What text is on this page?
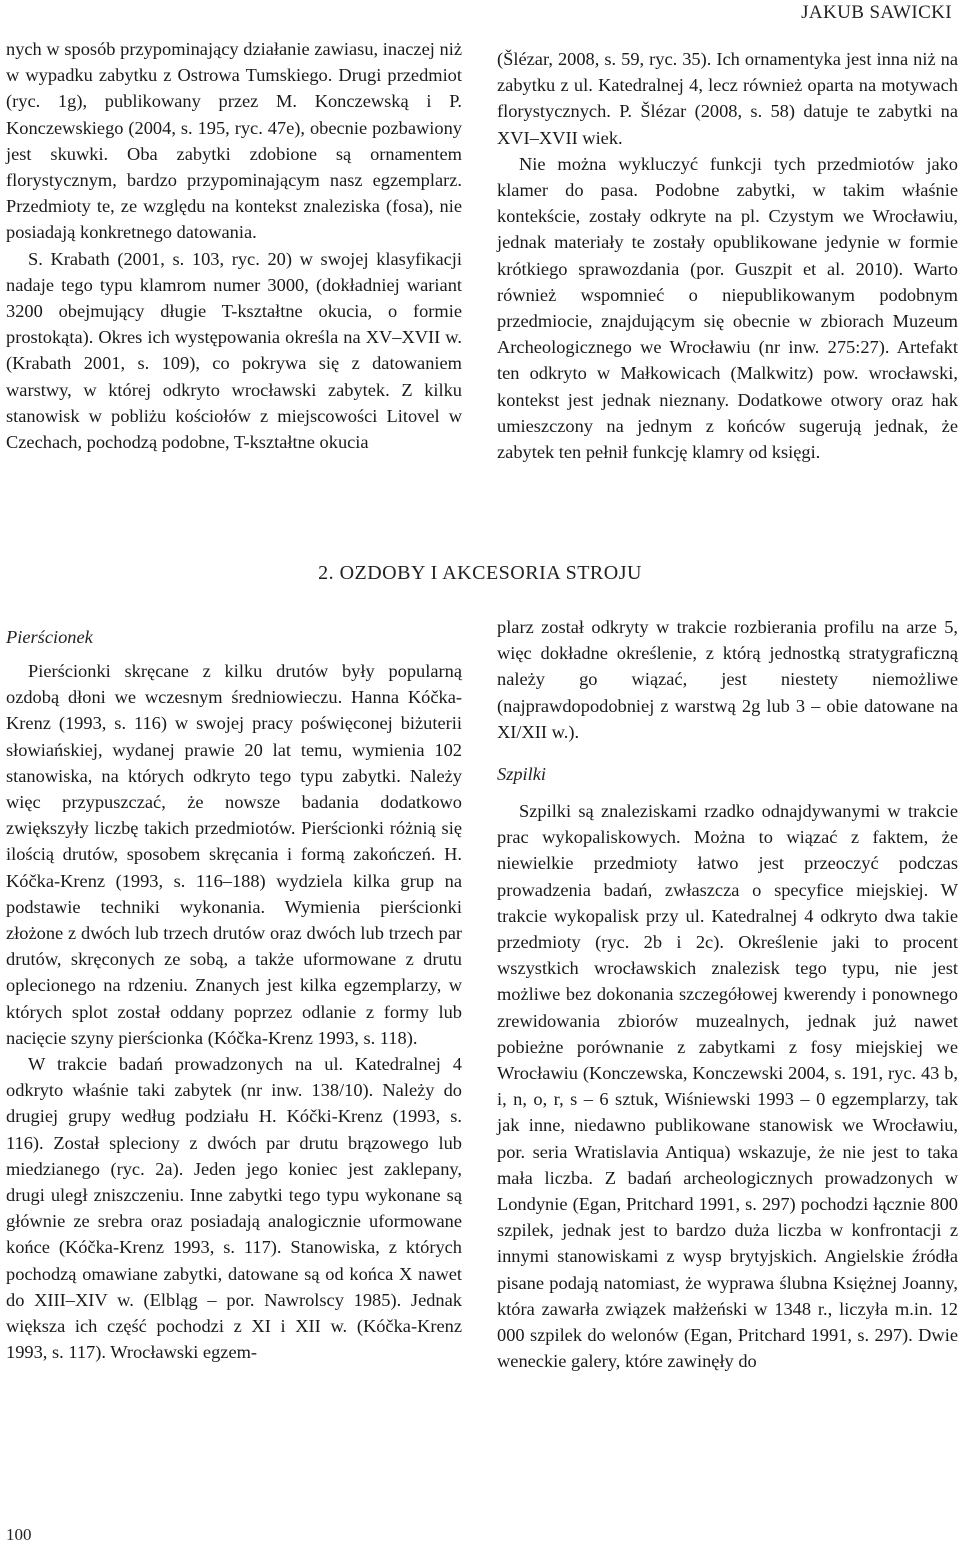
JAKUB SAWICKI

nych w sposób przypominający działanie zawiasu, inaczej niż w wypadku zabytku z Ostrowa Tumskiego. Drugi przedmiot (ryc. 1g), publikowany przez M. Konczewską i P. Konczewskiego (2004, s. 195, ryc. 47e), obecnie pozbawiony jest skuwki. Oba zabytki zdobione są ornamentem florystycznym, bardzo przypominającym nasz egzemplarz. Przedmioty te, ze względu na kontekst znaleziska (fosa), nie posiadają konkretnego datowania.

S. Krabath (2001, s. 103, ryc. 20) w swojej klasyfikacji nadaje tego typu klamrom numer 3000, (dokładniej wariant 3200 obejmujący długie T-kształtne okucia, o formie prostokąta). Okres ich występowania określa na XV–XVII w. (Krabath 2001, s. 109), co pokrywa się z datowaniem warstwy, w której odkryto wrocławski zabytek. Z kilku stanowisk w pobliżu kościołów z miejscowości Litovel w Czechach, pochodzą podobne, T-kształtne okucia

(Šlézar, 2008, s. 59, ryc. 35). Ich ornamentyka jest inna niż na zabytku z ul. Katedralnej 4, lecz również oparta na motywach florystycznych. P. Šlézar (2008, s. 58) datuje te zabytki na XVI–XVII wiek.

Nie można wykluczyć funkcji tych przedmiotów jako klamer do pasa. Podobne zabytki, w takim właśnie kontekście, zostały odkryte na pl. Czystym we Wrocławiu, jednak materiały te zostały opublikowane jedynie w formie krótkiego sprawozdania (por. Guszpit et al. 2010). Warto również wspomnieć o niepublikowanym podobnym przedmiocie, znajdującym się obecnie w zbiorach Muzeum Archeologicznego we Wrocławiu (nr inw. 275:27). Artefakt ten odkryto w Małkowicach (Malkwitz) pow. wrocławski, kontekst jest jednak nieznany. Dodatkowe otwory oraz hak umieszczony na jednym z końców sugerują jednak, że zabytek ten pełnił funkcję klamry od księgi.

2. OZDOBY I AKCESORIA STROJU
Pierścionek

Pierścionki skręcane z kilku drutów były popularną ozdobą dłoni we wczesnym średniowieczu. Hanna Kóčka-Krenz (1993, s. 116) w swojej pracy poświęconej biżuterii słowiańskiej, wydanej prawie 20 lat temu, wymienia 102 stanowiska, na których odkryto tego typu zabytki. Należy więc przypuszczać, że nowsze badania dodatkowo zwiększyły liczbę takich przedmiotów. Pierścionki różnią się ilością drutów, sposobem skręcania i formą zakończeń. H. Kóčka-Krenz (1993, s. 116–188) wydziela kilka grup na podstawie techniki wykonania. Wymienia pierścionki złożone z dwóch lub trzech drutów oraz dwóch lub trzech par drutów, skręconych ze sobą, a także uformowane z drutu oplecionego na rdzeniu. Znanych jest kilka egzemplarzy, w których splot został oddany poprzez odlanie z formy lub nacięcie szyny pierścionka (Kóčka-Krenz 1993, s. 118).

W trakcie badań prowadzonych na ul. Katedralnej 4 odkryto właśnie taki zabytek (nr inw. 138/10). Należy do drugiej grupy według podziału H. Kóčki-Krenz (1993, s. 116). Został spleciony z dwóch par drutu brązowego lub miedzianego (ryc. 2a). Jeden jego koniec jest zaklepany, drugi uległ zniszczeniu. Inne zabytki tego typu wykonane są głównie ze srebra oraz posiadają analogicznie uformowane końce (Kóčka-Krenz 1993, s. 117). Stanowiska, z których pochodzą omawiane zabytki, datowane są od końca X nawet do XIII–XIV w. (Elbląg – por. Nawrolscy 1985). Jednak większa ich część pochodzi z XI i XII w. (Kóčka-Krenz 1993, s. 117). Wrocławski egzem-

plarz został odkryty w trakcie rozbierania profilu na arze 5, więc dokładne określenie, z którą jednostką stratygraficzną należy go wiązać, jest niestety niemożliwe (najprawdopodobniej z warstwą 2g lub 3 – obie datowane na XI/XII w.).

Szpilki

Szpilki są znaleziskami rzadko odnajdywanymi w trakcie prac wykopaliskowych. Można to wiązać z faktem, że niewielkie przedmioty łatwo jest przeoczyć podczas prowadzenia badań, zwłaszcza o specyfice miejskiej. W trakcie wykopalisk przy ul. Katedralnej 4 odkryto dwa takie przedmioty (ryc. 2b i 2c). Określenie jaki to procent wszystkich wrocławskich znalezisk tego typu, nie jest możliwe bez dokonania szczegółowej kwerendy i ponownego zrewidowania zbiorów muzealnych, jednak już nawet pobieżne porównanie z zabytkami z fosy miejskiej we Wrocławiu (Konczewska, Konczewski 2004, s. 191, ryc. 43 b, i, n, o, r, s – 6 sztuk, Wiśniewski 1993 – 0 egzemplarzy, tak jak inne, niedawno publikowane stanowisk we Wrocławiu, por. seria Wratislavia Antiqua) wskazuje, że nie jest to taka mała liczba. Z badań archeologicznych prowadzonych w Londynie (Egan, Pritchard 1991, s. 297) pochodzi łącznie 800 szpilek, jednak jest to bardzo duża liczba w konfrontacji z innymi stanowiskami z wysp brytyjskich. Angielskie źródła pisane podają natomiast, że wyprawa ślubna Księżnej Joanny, która zawarła związek małżeński w 1348 r., liczyła m.in. 12 000 szpilek do welonów (Egan, Pritchard 1991, s. 297). Dwie weneckie galery, które zawinęły do

100
